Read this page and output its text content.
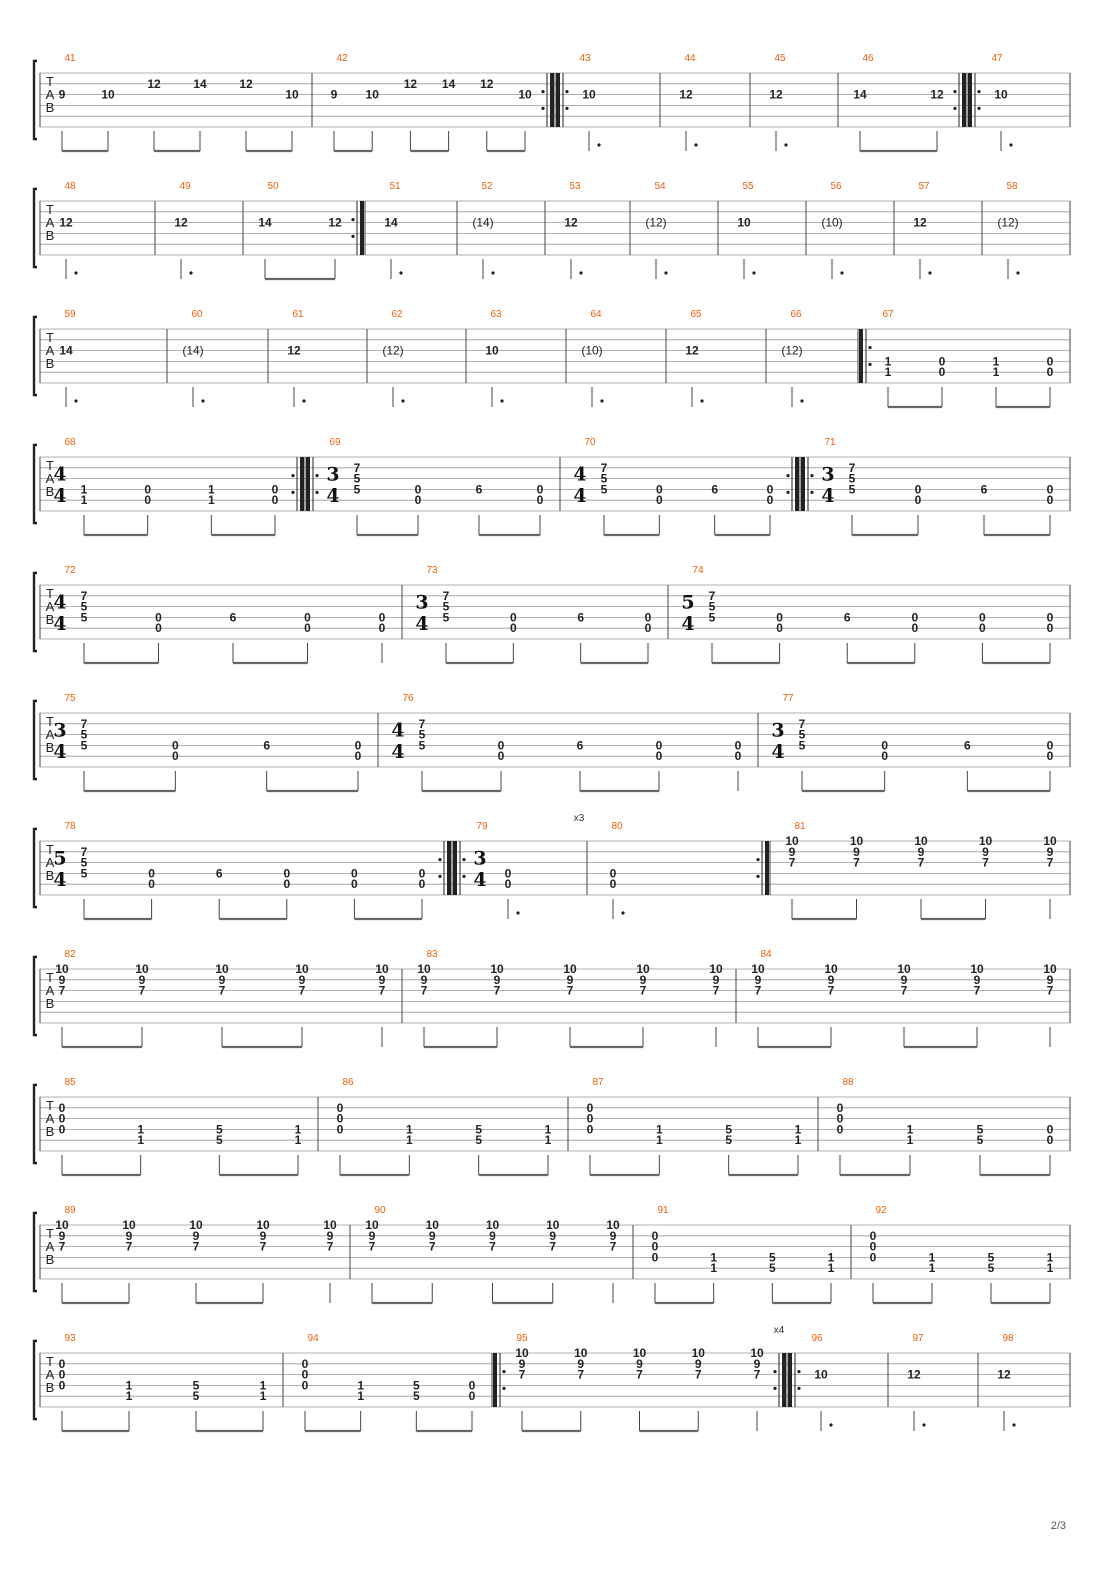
T
A
B
41
9	10
12	14	12
10
42
9 10
12 14 12
10
43
10
44
12
45
12
46
14	12
47
10
T
A
B
48
12
49
12
50
14	12
51
14
52
(14)
53
12
54
(12)
55
10
56
(10)
57
12
58
(12)
T
A
B
59
14
60
(14)
61
12
62
(12)
63
10
64
(10)
65
12
66
(12)
67
1
1
0
0
1
1
0
0
T
A
B
68
4
4 1
1
0
0
1
1
0
0
69
3
4
7
5
5	0
0
6	0
0
70
4
4
7
5
5	0
0
6	0
0
71
3
4
7
5
5	0
0
6	0
0
T
A
B
72
4
4
7
5
5	0
0
6	0
0
0
0
73
3
4
7
5
5	0
0
6	0
0
74
5
4
7
5
5	0
0
6	0
0
0
0
0
0
T
A
B
75
3
4
7
5
5	0
0
6	0
0
76
4
4
7
5
5	0
0
6	0
0
0
0
77
3
4
7
5
5	0
0
6	0
0
T
A
B
78
5
4
7
5
5	0
0
6	0
0
0
0
0
0
79
3
4 0
0
80
x3
0
0
81
10
9
7
10
9
7
10
9
7
10
9
7
10
9
7
T
A
B
82
10
9
7
10
9
7
10
9
7
10
9
7
10
9
7
83
10
9
7
10
9
7
10
9
7
10
9
7
10
9
7
84
10
9
7
10
9
7
10
9
7
10
9
7
10
9
7
T
A
B
85
0
0
0	1
1
5
5
1
1
86
0
0
0	1
1
5
5
1
1
87
0
0
0	1
1
5
5
1
1
88
0
0
0	1
1
5
5
0
0
T
A
B
89
10
9
7
10
9
7
10
9
7
10
9
7
10
9
7
90
10
9
7
10
9
7
10
9
7
10
9
7
10
9
7
91
0
0
0	1
1
5
5
1
1
92
0
0
0	1
1
5
5
1
1
T
A
B
93
0
0
0	1
1
5
5
1
1
94
0
0
0	1
1
5
5
0
0
95
10
9
7
10
9
7
10
9
7
10
9
7
10
9
7
96
x4
10
97
12
98
12
2/3
